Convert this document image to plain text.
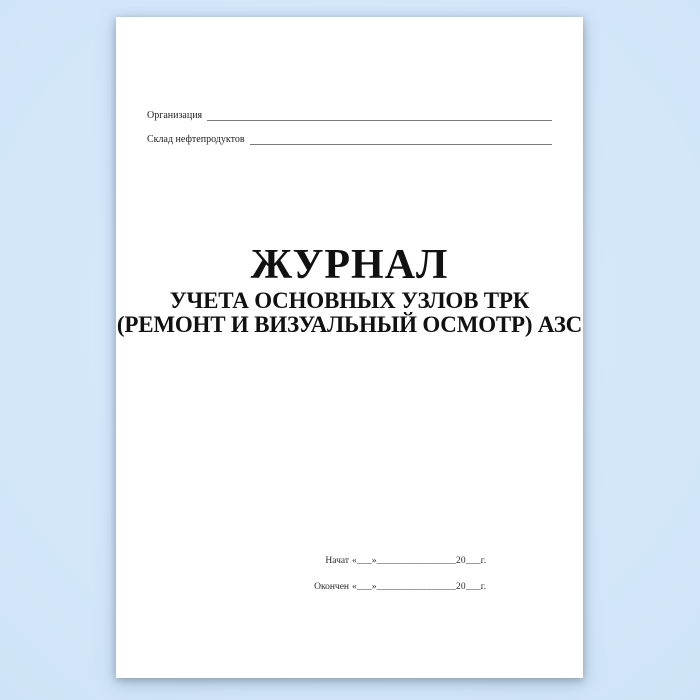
Организация
Склад нефтепродуктов
ЖУРНАЛ
УЧЕТА ОСНОВНЫХ УЗЛОВ ТРК
(РЕМОНТ И ВИЗУАЛЬНЫЙ ОСМОТР) АЗС
Начат «___»________________20___г.
Окончен «___»________________20___г.
